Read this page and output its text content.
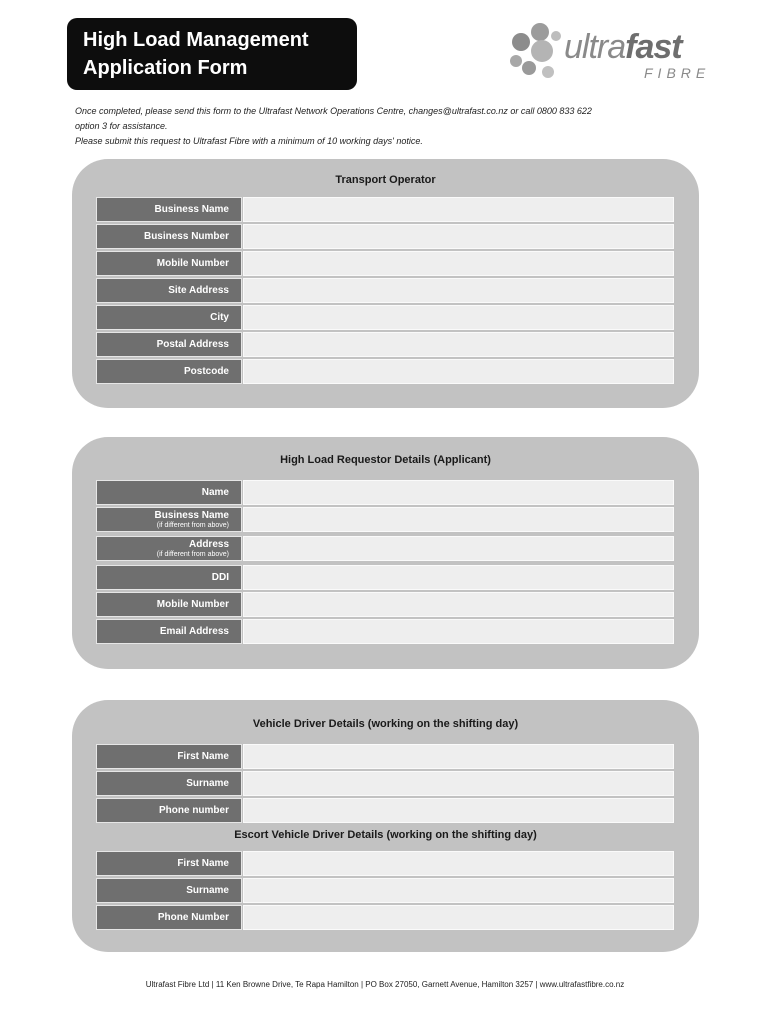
High Load Management
Application Form
ultrafast
FIBRE

Once completed, please send this form to the Ultrafast Network Operations Centre, changes@ultrafast.co.nz or call 0800 833 622

option 3 for assistance.

Please submit this request to Ultrafast Fibre with a minimum of 10 working days' notice.

Transport Operator
Business Name
Business Number
Mobile Number
Site Address
City
Postal Address
Postcode
High Load Requestor Details (Applicant)
Name
Business Name
(if different from above)
Address
(if different from above)
DDI
Mobile Number
Email Address
Vehicle Driver Details (working on the shifting day)
First Name
Surname
Phone number
Escort Vehicle Driver Details (working on the shifting day)
First Name
Surname
Phone Number
Ultrafast Fibre Ltd | 11 Ken Browne Drive, Te Rapa Hamilton | PO Box 27050, Garnett Avenue, Hamilton 3257 | www.ultrafastfibre.co.nz
